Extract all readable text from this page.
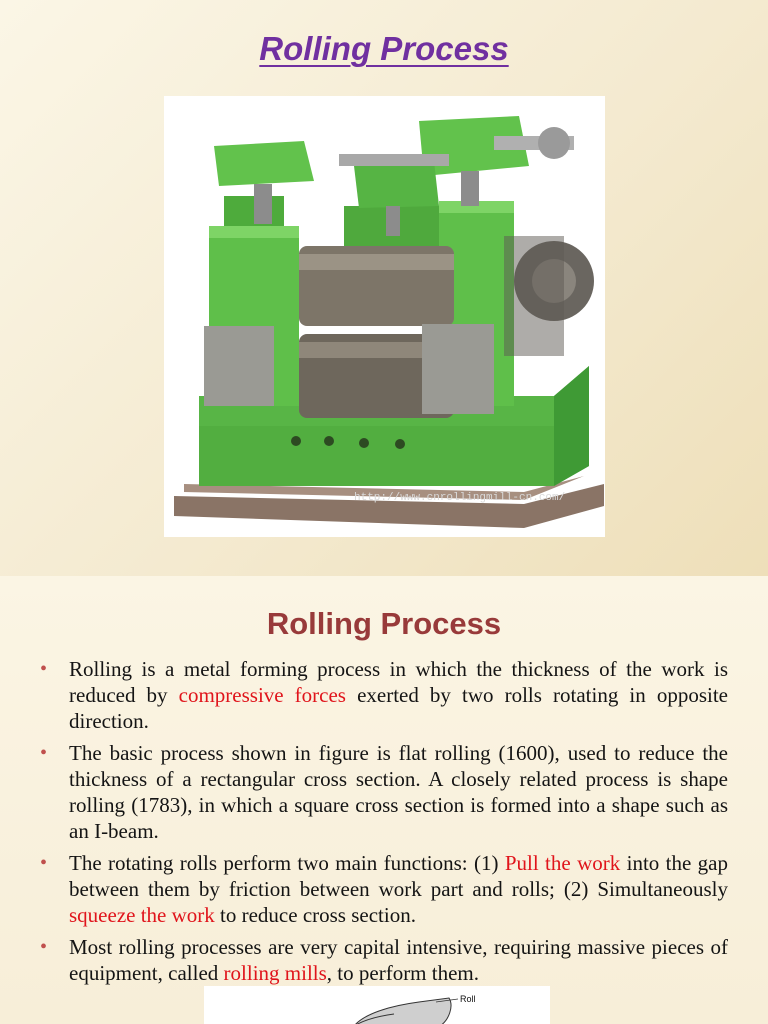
Rolling Process
http://www.cnrollingmill-cn.com/
Rolling Process
• Rolling is a metal forming process in which the thickness of the work is reduced by compressive forces exerted by two rolls rotating in opposite direction.
• The basic process shown in figure is flat rolling (1600), used to reduce the thickness of a rectangular cross section. A closely related process is shape rolling (1783), in which a square cross section is formed into a shape such as an I-beam.
• The rotating rolls perform two main functions: (1) Pull the work into the gap between them by friction between work part and rolls; (2) Simultaneously squeeze the work to reduce cross section.
• Most rolling processes are very capital intensive, requiring massive pieces of equipment, called rolling mills, to perform them.
Roll
